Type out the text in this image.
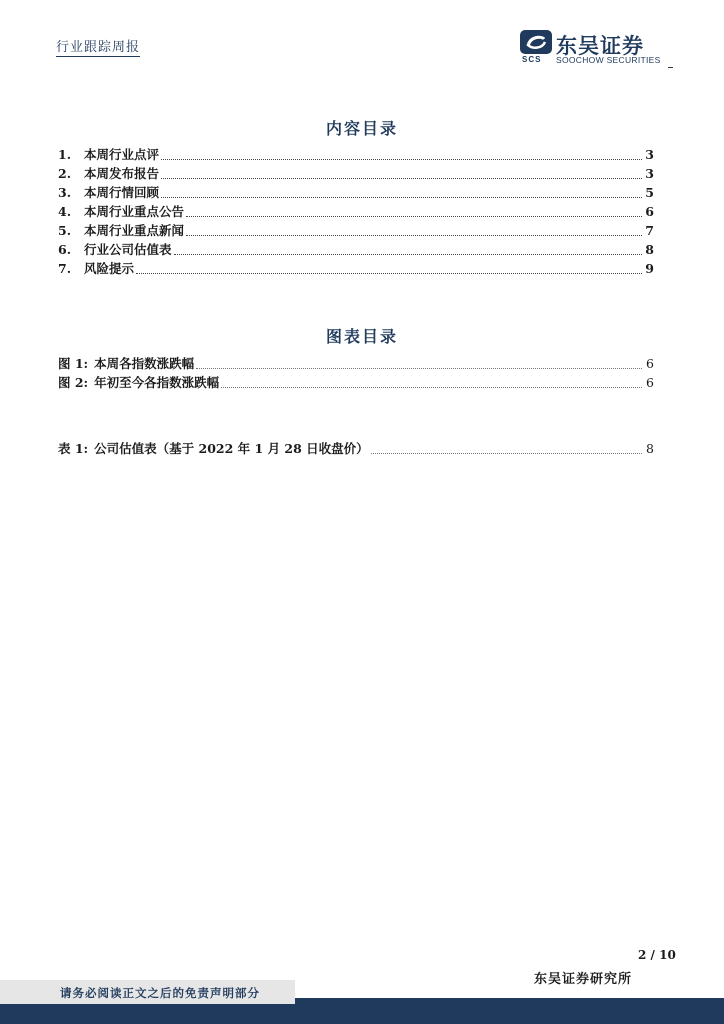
行业跟踪周报	东吴证券
SCS SOOCHOW SECURITIES
内容目录
1.	本周行业点评	3
2.	本周发布报告	3
3.	本周行情回顾	5
4.	本周行业重点公告	6
5.	本周行业重点新闻	7
6.	行业公司估值表	8
7.	风险提示	9
图表目录
图 1: 本周各指数涨跌幅	6
图 2: 年初至今各指数涨跌幅	6
表 1: 公司估值表（基于 2022 年 1 月 28 日收盘价）	8
2 / 10
东吴证券研究所
请务必阅读正文之后的免责声明部分
